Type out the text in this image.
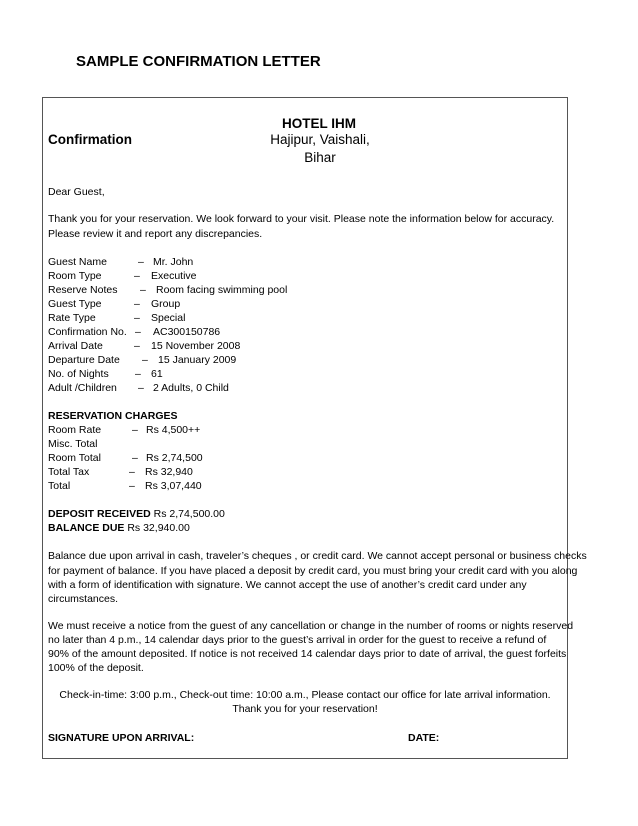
SAMPLE CONFIRMATION LETTER
HOTEL IHM
Hajipur, Vaishali,
Bihar
Confirmation
Dear Guest,
Thank you for your reservation. We look forward to your visit. Please note the information below for accuracy. Please review it and report any discrepancies.
Guest Name	– Mr. John
Room Type	– Executive
Reserve Notes – Room facing swimming pool
Guest Type	– Group
Rate Type	– Special
Confirmation No. – AC300150786
Arrival Date	– 15 November 2008
Departure Date – 15 January 2009
No. of Nights	– 61
Adult /Children – 2 Adults, 0 Child
RESERVATION CHARGES
Room Rate	– Rs 4,500++
Misc. Total
Room Total	– Rs 2,74,500
Total Tax	– Rs 32,940
Total	– Rs 3,07,440
DEPOSIT RECEIVED Rs 2,74,500.00
BALANCE DUE Rs 32,940.00
Balance due upon arrival in cash, traveler’s cheques , or credit card. We cannot accept personal or business checks
for payment of balance. If you have placed a deposit by credit card, you must bring your credit card with you along
with a form of identification with signature. We cannot accept the use of another’s credit card under any
circumstances.
We must receive a notice from the guest of any cancellation or change in the number of rooms or nights reserved
no later than 4 p.m., 14 calendar days prior to the guest’s arrival in order for the guest to receive a refund of
90% of the amount deposited. If notice is not received 14 calendar days prior to date of arrival, the guest forfeits
100% of the deposit.
Check-in-time: 3:00 p.m., Check-out time: 10:00 a.m., Please contact our office for late arrival information.
Thank you for your reservation!
SIGNATURE UPON ARRIVAL:	DATE:
